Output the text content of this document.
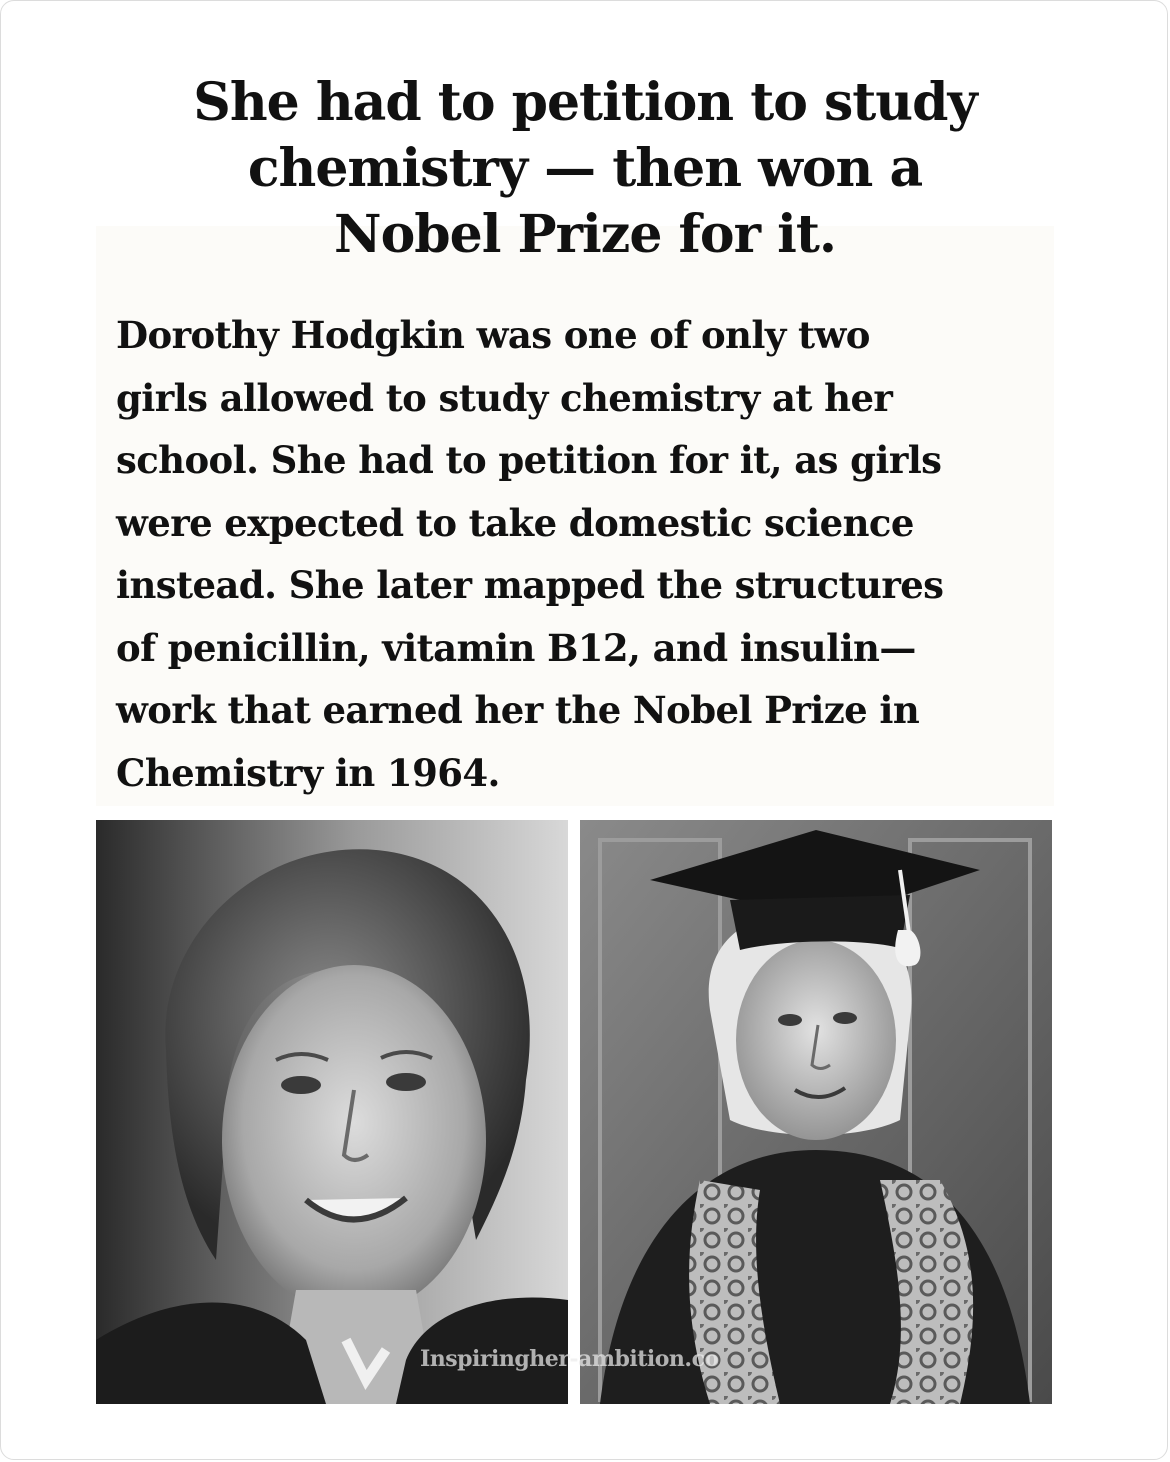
She had to petition to study
chemistry — then won a
Nobel Prize for it.

Dorothy Hodgkin was one of only two
girls allowed to study chemistry at her
school. She had to petition for it, as girls
were expected to take domestic science
instead. She later mapped the structures
of penicillin, vitamin B12, and insulin—
work that earned her the Nobel Prize in
Chemistry in 1964.

Inspiringher-ambition.co
